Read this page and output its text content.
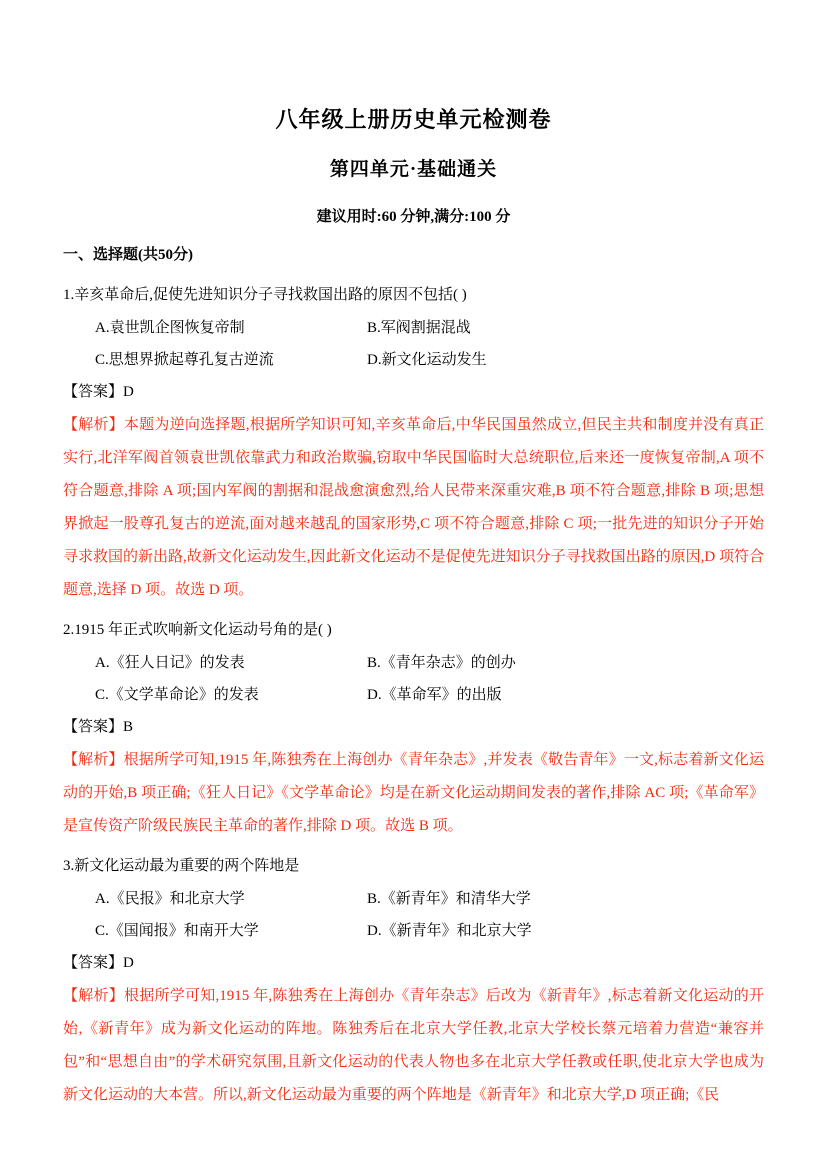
八年级上册历史单元检测卷
第四单元·基础通关
建议用时:60 分钟,满分:100 分
一、选择题(共50分)
1.辛亥革命后,促使先进知识分子寻找救国出路的原因不包括( )
A.袁世凯企图恢复帝制	B.军阀割据混战
C.思想界掀起尊孔复古逆流	D.新文化运动发生
【答案】D
【解析】本题为逆向选择题,根据所学知识可知,辛亥革命后,中华民国虽然成立,但民主共和制度并没有真正实行,北洋军阀首领袁世凯依靠武力和政治欺骗,窃取中华民国临时大总统职位,后来还一度恢复帝制,A 项不符合题意,排除 A 项;国内军阀的割据和混战愈演愈烈,给人民带来深重灾难,B 项不符合题意,排除 B 项;思想界掀起一股尊孔复古的逆流,面对越来越乱的国家形势,C 项不符合题意,排除 C 项;一批先进的知识分子开始寻求救国的新出路,故新文化运动发生,因此新文化运动不是促使先进知识分子寻找救国出路的原因,D 项符合题意,选择 D 项。故选 D 项。
2.1915 年正式吹响新文化运动号角的是( )
A.《狂人日记》的发表	B.《青年杂志》的创办
C.《文学革命论》的发表	D.《革命军》的出版
【答案】B
【解析】根据所学可知,1915 年,陈独秀在上海创办《青年杂志》,并发表《敬告青年》一文,标志着新文化运动的开始,B 项正确;《狂人日记》《文学革命论》均是在新文化运动期间发表的著作,排除 AC 项;《革命军》是宣传资产阶级民族民主革命的著作,排除 D 项。故选 B 项。
3.新文化运动最为重要的两个阵地是
A.《民报》和北京大学	B.《新青年》和清华大学
C.《国闻报》和南开大学	D.《新青年》和北京大学
【答案】D
【解析】根据所学可知,1915 年,陈独秀在上海创办《青年杂志》后改为《新青年》,标志着新文化运动的开始,《新青年》成为新文化运动的阵地。陈独秀后在北京大学任教,北京大学校长蔡元培着力营造“兼容并包”和“思想自由”的学术研究氛围,且新文化运动的代表人物也多在北京大学任教或任职,使北京大学也成为新文化运动的大本营。所以,新文化运动最为重要的两个阵地是《新青年》和北京大学,D 项正确;《民
